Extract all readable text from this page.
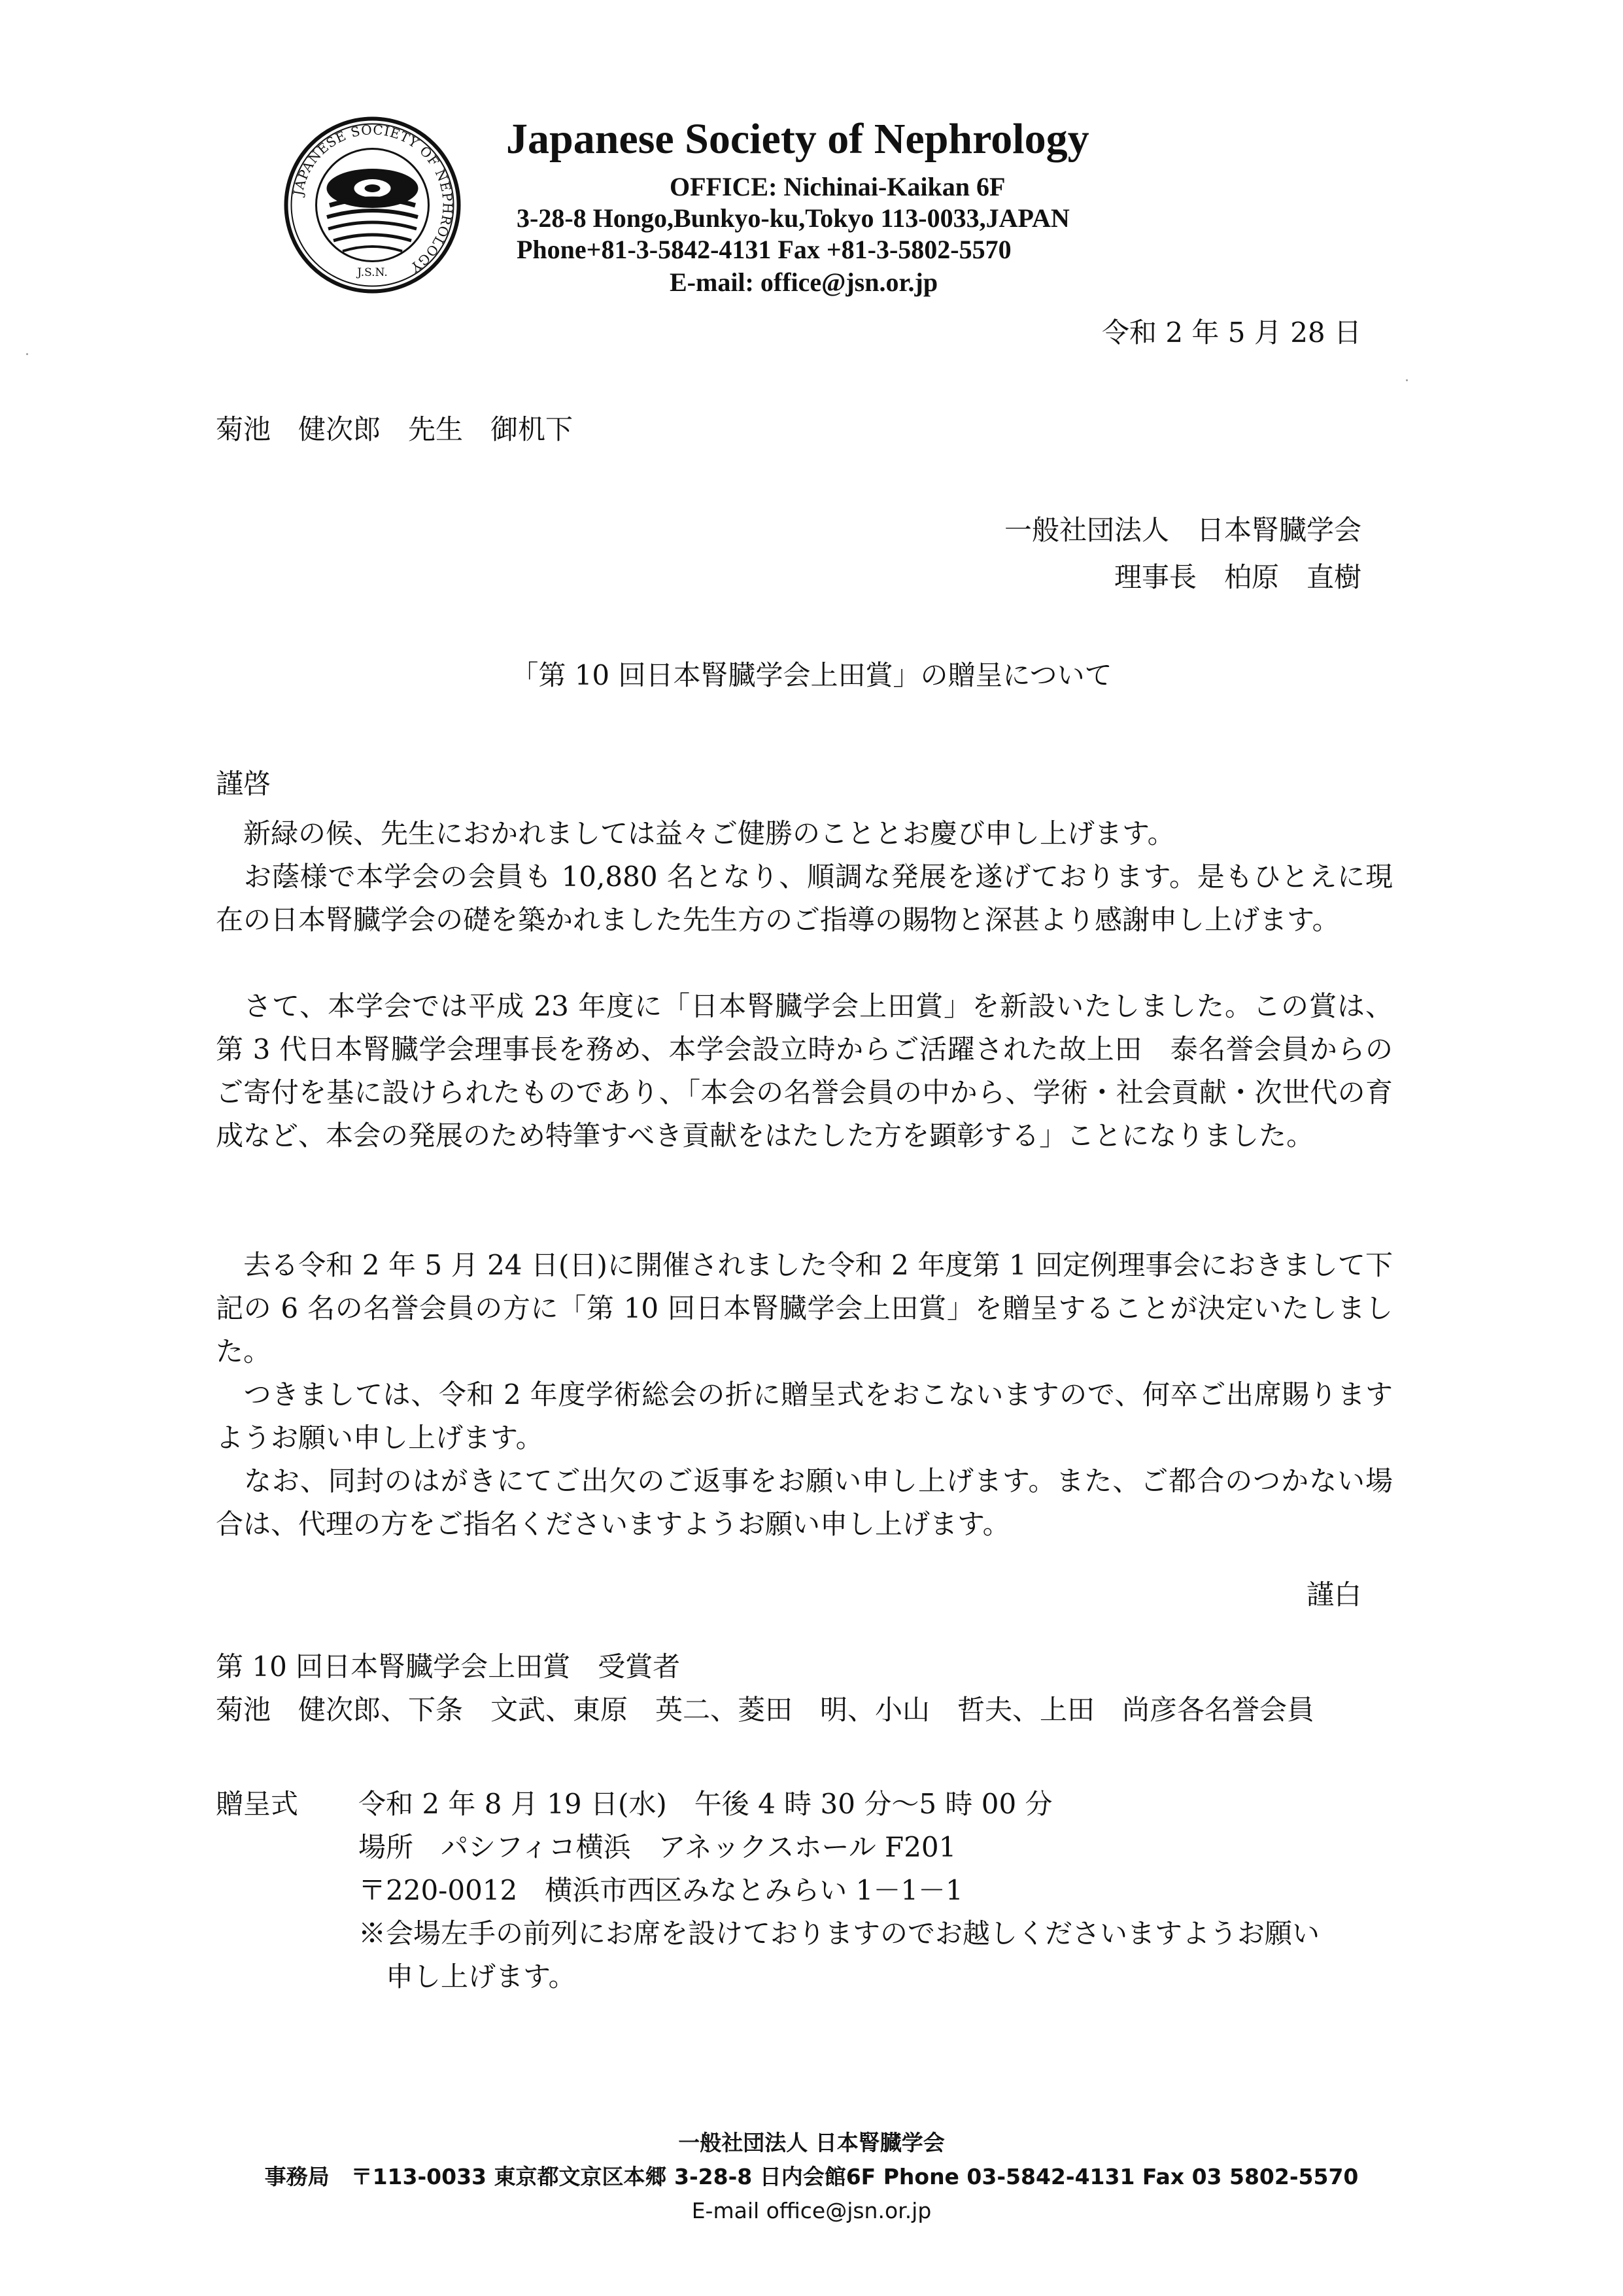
JAPANESE SOCIETY OF NEPHROLOGY
J.S.N.
Japanese Society of Nephrology
OFFICE: Nichinai-Kaikan 6F
3-28-8 Hongo,Bunkyo-ku,Tokyo 113-0033,JAPAN
Phone+81-3-5842-4131 Fax +81-3-5802-5570
E-mail: office@jsn.or.jp
令和 2 年 5 月 28 日
菊池　健次郎　先生　御机下
一般社団法人　日本腎臓学会
理事長　柏原　直樹
「第 10 回日本腎臓学会上田賞」の贈呈について
謹啓
新緑の候、先生におかれましては益々ご健勝のこととお慶び申し上げます。
お蔭様で本学会の会員も 10,880 名となり、順調な発展を遂げております。是もひとえに現在の日本腎臓学会の礎を築かれました先生方のご指導の賜物と深甚より感謝申し上げます。
さて、本学会では平成 23 年度に「日本腎臓学会上田賞」を新設いたしました。この賞は、第 3 代日本腎臓学会理事長を務め、本学会設立時からご活躍された故上田　泰名誉会員からのご寄付を基に設けられたものであり、「本会の名誉会員の中から、学術・社会貢献・次世代の育成など、本会の発展のため特筆すべき貢献をはたした方を顕彰する」ことになりました。
去る令和 2 年 5 月 24 日(日)に開催されました令和 2 年度第 1 回定例理事会におきまして下記の 6 名の名誉会員の方に「第 10 回日本腎臓学会上田賞」を贈呈することが決定いたしました。
つきましては、令和 2 年度学術総会の折に贈呈式をおこないますので、何卒ご出席賜りますようお願い申し上げます。
なお、同封のはがきにてご出欠のご返事をお願い申し上げます。また、ご都合のつかない場合は、代理の方をご指名くださいますようお願い申し上げます。
謹白
第 10 回日本腎臓学会上田賞　受賞者
菊池　健次郎、下条　文武、東原　英二、菱田　明、小山　哲夫、上田　尚彦各名誉会員
贈呈式 令和 2 年 8 月 19 日(水)　午後 4 時 30 分～5 時 00 分
場所　パシフィコ横浜　アネックスホール F201
〒220-0012　横浜市西区みなとみらい 1－1－1
※会場左手の前列にお席を設けておりますのでお越しくださいますようお願い
申し上げます。
一般社団法人 日本腎臓学会
事務局　〒113-0033 東京都文京区本郷 3-28-8 日内会館6F Phone 03-5842-4131 Fax 03 5802-5570
E-mail office@jsn.or.jp
